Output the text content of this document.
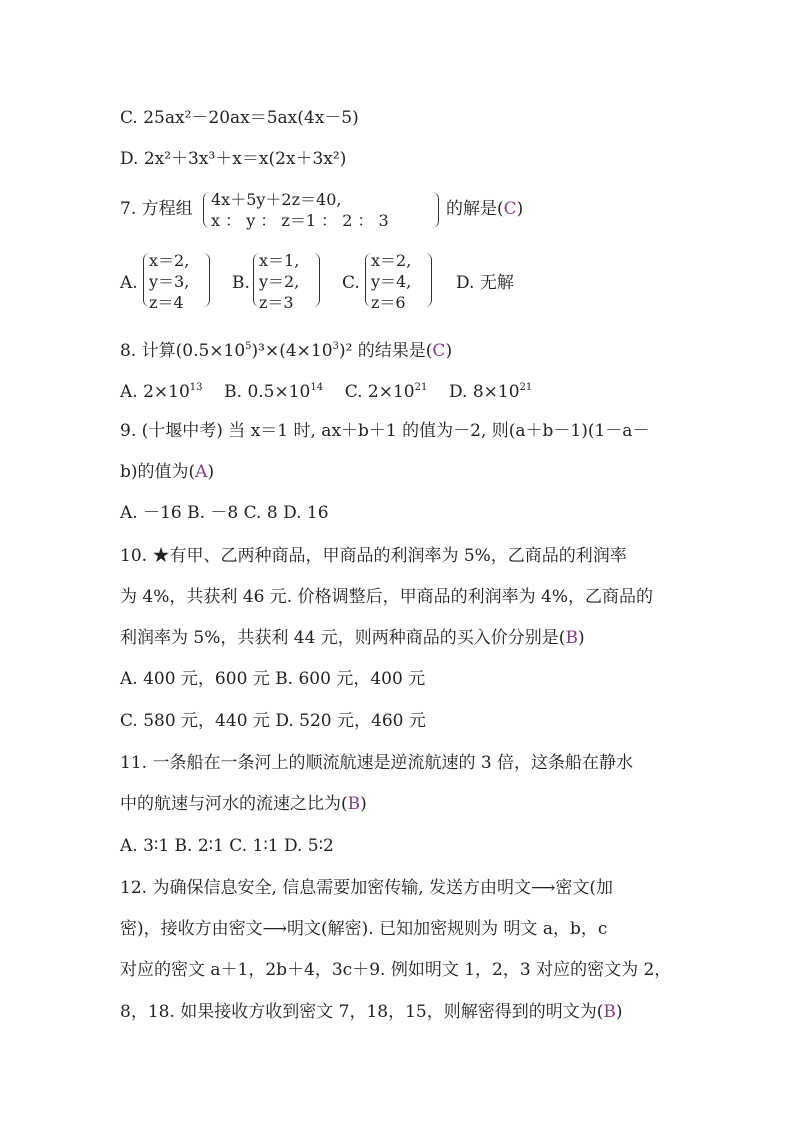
C. 25ax²－20ax＝5ax(4x－5)
D. 2x²＋3x³＋x＝x(2x＋3x²)
7. 方程组 4x＋5y＋2z＝40,
x ： y ： z＝1 ： 2 ： 3
的解是(C)
A.
x＝2,
y＝3,
z＝4
B.
x＝1,
y＝2,
z＝3
C.
x＝2,
y＝4,
z＝6
D. 无解
8. 计算$(0.5\times 10^5)^3\times(4\times 10^3)^2$ 的结果是(C)
A. $2\times 10^{13}$ B. $0.5\times 10^{14}$ C. $2\times 10^{21}$ D. $8\times 10^{21}$
9. (十堰中考) 当 x＝1 时, ax＋b＋1 的值为－2, 则(a＋b－1)(1－a－
b)的值为(A)
A. －16 B. －8 C. 8 D. 16
10. ★有甲、乙两种商品，甲商品的利润率为 5%，乙商品的利润率
为 4%，共获利 46 元. 价格调整后，甲商品的利润率为 4%，乙商品的
利润率为 5%，共获利 44 元，则两种商品的买入价分别是(B)
A. 400 元，600 元 B. 600 元，400 元
C. 580 元，440 元 D. 520 元，460 元
11. 一条船在一条河上的顺流航速是逆流航速的 3 倍，这条船在静水
中的航速与河水的流速之比为(B)
A. 3∶1 B. 2∶1 C. 1∶1 D. 5∶2
12. 为确保信息安全, 信息需要加密传输, 发送方由明文⟶密文(加
密)，接收方由密文⟶明文(解密). 已知加密规则为 明文 a，b，c
对应的密文 a＋1，2b＋4，3c＋9. 例如明文 1，2，3 对应的密文为 2，
8，18. 如果接收方收到密文 7，18，15，则解密得到的明文为(B)
